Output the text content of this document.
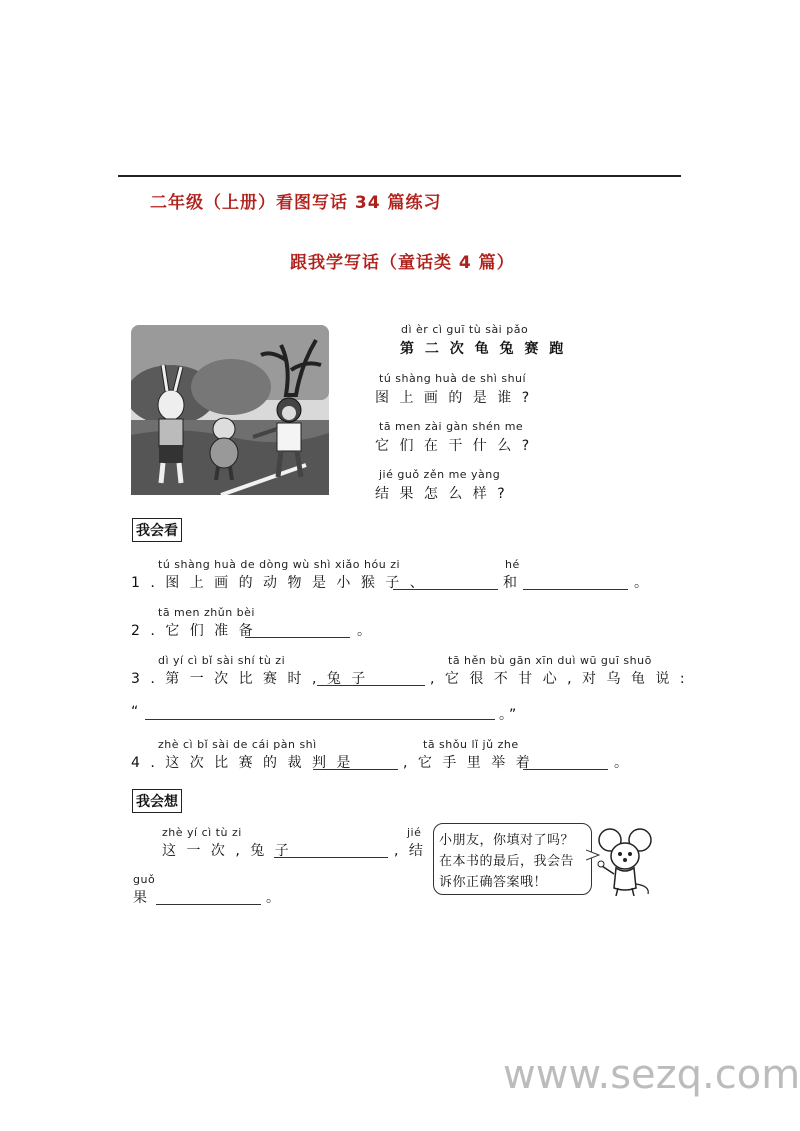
二年级（上册）看图写话 34 篇练习
跟我学写话（童话类 4 篇）
dì èr cì guī tù sài pǎo
第 二 次 龟 兔 赛 跑
tú shàng huà de shì shuí
图 上 画 的 是 谁 ?
tā men zài gàn shén me
它 们 在 干 什 么 ?
jié guǒ zěn me yàng
结 果 怎 么 样 ?
我会看
tú shàng huà de dòng wù shì xiǎo hóu zi	hé
1 . 图 上 画 的 动 物 是 小 猴 子 、	和	。
tā men zhǔn bèi
2 . 它 们 准 备	。
dì yí cì bǐ sài shí tù zi	tā hěn bù gān xīn duì wū guī shuō
3 . 第 一 次 比 赛 时 , 兔 子	, 它 很 不 甘 心 , 对 乌 龟 说 :
“	。”
zhè cì bǐ sài de cái pàn shì	tā shǒu lǐ jǔ zhe
4 . 这 次 比 赛 的 裁 判 是	, 它 手 里 举 着	。
我会想
zhè yí cì tù zi	jié
这 一 次 , 兔 子	, 结
guǒ
果	。
小朋友，你填对了吗？
在本书的最后，我会告
诉你正确答案哦！
www.sezq.com
